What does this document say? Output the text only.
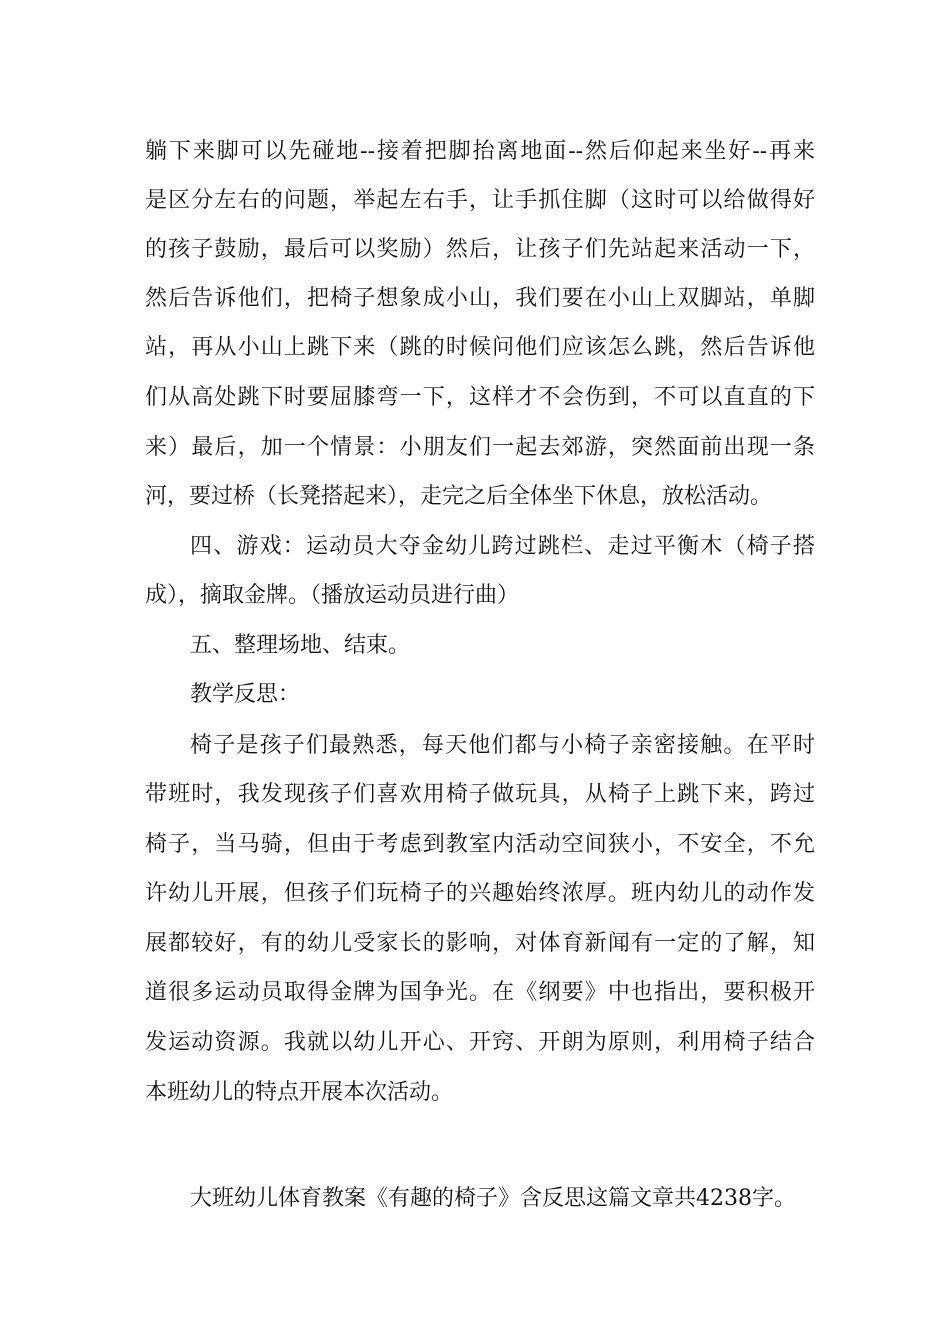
躺下来脚可以先碰地--接着把脚抬离地面--然后仰起来坐好--再来
是区分左右的问题，举起左右手，让手抓住脚（这时可以给做得好
的孩子鼓励，最后可以奖励）然后，让孩子们先站起来活动一下，
然后告诉他们，把椅子想象成小山，我们要在小山上双脚站，单脚
站，再从小山上跳下来（跳的时候问他们应该怎么跳，然后告诉他
们从高处跳下时要屈膝弯一下，这样才不会伤到，不可以直直的下
来）最后，加一个情景：小朋友们一起去郊游，突然面前出现一条
河，要过桥（长凳搭起来），走完之后全体坐下休息，放松活动。
四、游戏：运动员大夺金幼儿跨过跳栏、走过平衡木（椅子搭
成），摘取金牌。（播放运动员进行曲）
五、整理场地、结束。
教学反思：
椅子是孩子们最熟悉，每天他们都与小椅子亲密接触。在平时
带班时，我发现孩子们喜欢用椅子做玩具，从椅子上跳下来，跨过
椅子，当马骑，但由于考虑到教室内活动空间狭小，不安全，不允
许幼儿开展，但孩子们玩椅子的兴趣始终浓厚。班内幼儿的动作发
展都较好，有的幼儿受家长的影响，对体育新闻有一定的了解，知
道很多运动员取得金牌为国争光。在《纲要》中也指出，要积极开
发运动资源。我就以幼儿开心、开窍、开朗为原则，利用椅子结合
本班幼儿的特点开展本次活动。
大班幼儿体育教案《有趣的椅子》含反思这篇文章共4238字。
